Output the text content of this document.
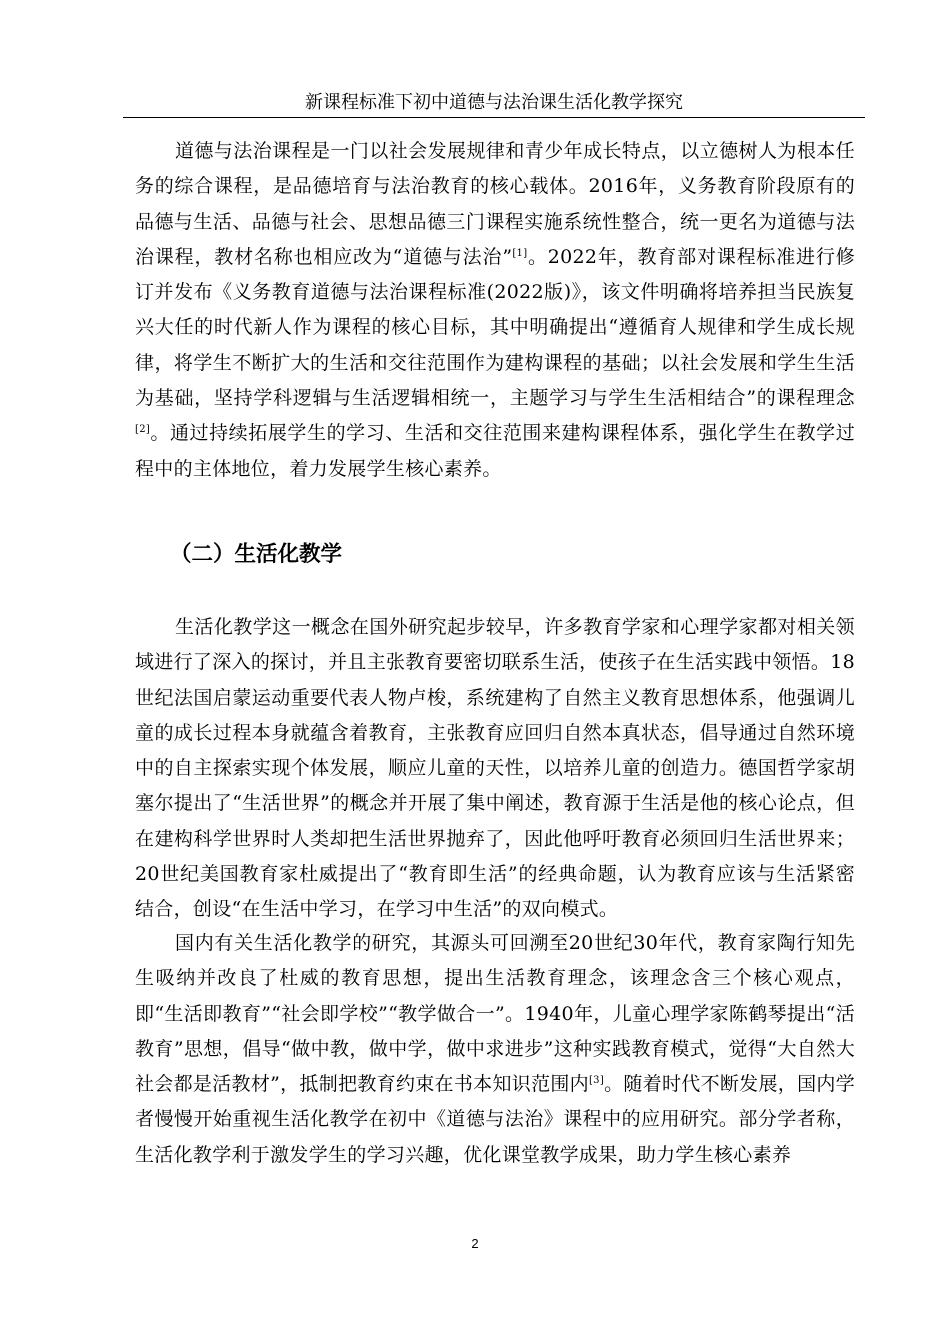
新课程标准下初中道德与法治课生活化教学探究

道德与法治课程是一门以社会发展规律和青少年成长特点，以立德树人为根本任务的综合课程，是品德培育与法治教育的核心载体。2016年，义务教育阶段原有的品德与生活、品德与社会、思想品德三门课程实施系统性整合，统一更名为道德与法治课程，教材名称也相应改为“道德与法治”[1]。2022年，教育部对课程标准进行修订并发布《义务教育道德与法治课程标准(2022版)》，该文件明确将培养担当民族复兴大任的时代新人作为课程的核心目标，其中明确提出“遵循育人规律和学生成长规律，将学生不断扩大的生活和交往范围作为建构课程的基础；以社会发展和学生生活为基础，坚持学科逻辑与生活逻辑相统一，主题学习与学生生活相结合”的课程理念[2]。通过持续拓展学生的学习、生活和交往范围来建构课程体系，强化学生在教学过程中的主体地位，着力发展学生核心素养。

（二）生活化教学

生活化教学这一概念在国外研究起步较早，许多教育学家和心理学家都对相关领域进行了深入的探讨，并且主张教育要密切联系生活，使孩子在生活实践中领悟。18世纪法国启蒙运动重要代表人物卢梭，系统建构了自然主义教育思想体系，他强调儿童的成长过程本身就蕴含着教育，主张教育应回归自然本真状态，倡导通过自然环境中的自主探索实现个体发展，顺应儿童的天性，以培养儿童的创造力。德国哲学家胡塞尔提出了“生活世界”的概念并开展了集中阐述，教育源于生活是他的核心论点，但在建构科学世界时人类却把生活世界抛弃了，因此他呼吁教育必须回归生活世界来；20世纪美国教育家杜威提出了“教育即生活”的经典命题，认为教育应该与生活紧密结合，创设“在生活中学习，在学习中生活”的双向模式。

国内有关生活化教学的研究，其源头可回溯至20世纪30年代，教育家陶行知先生吸纳并改良了杜威的教育思想，提出生活教育理念，该理念含三个核心观点，即“生活即教育”“社会即学校”“教学做合一”。1940年，儿童心理学家陈鹤琴提出“活教育”思想，倡导“做中教，做中学，做中求进步”这种实践教育模式，觉得“大自然大社会都是活教材”，抵制把教育约束在书本知识范围内[3]。随着时代不断发展，国内学者慢慢开始重视生活化教学在初中《道德与法治》课程中的应用研究。部分学者称，生活化教学利于激发学生的学习兴趣，优化课堂教学成果，助力学生核心素养

2
